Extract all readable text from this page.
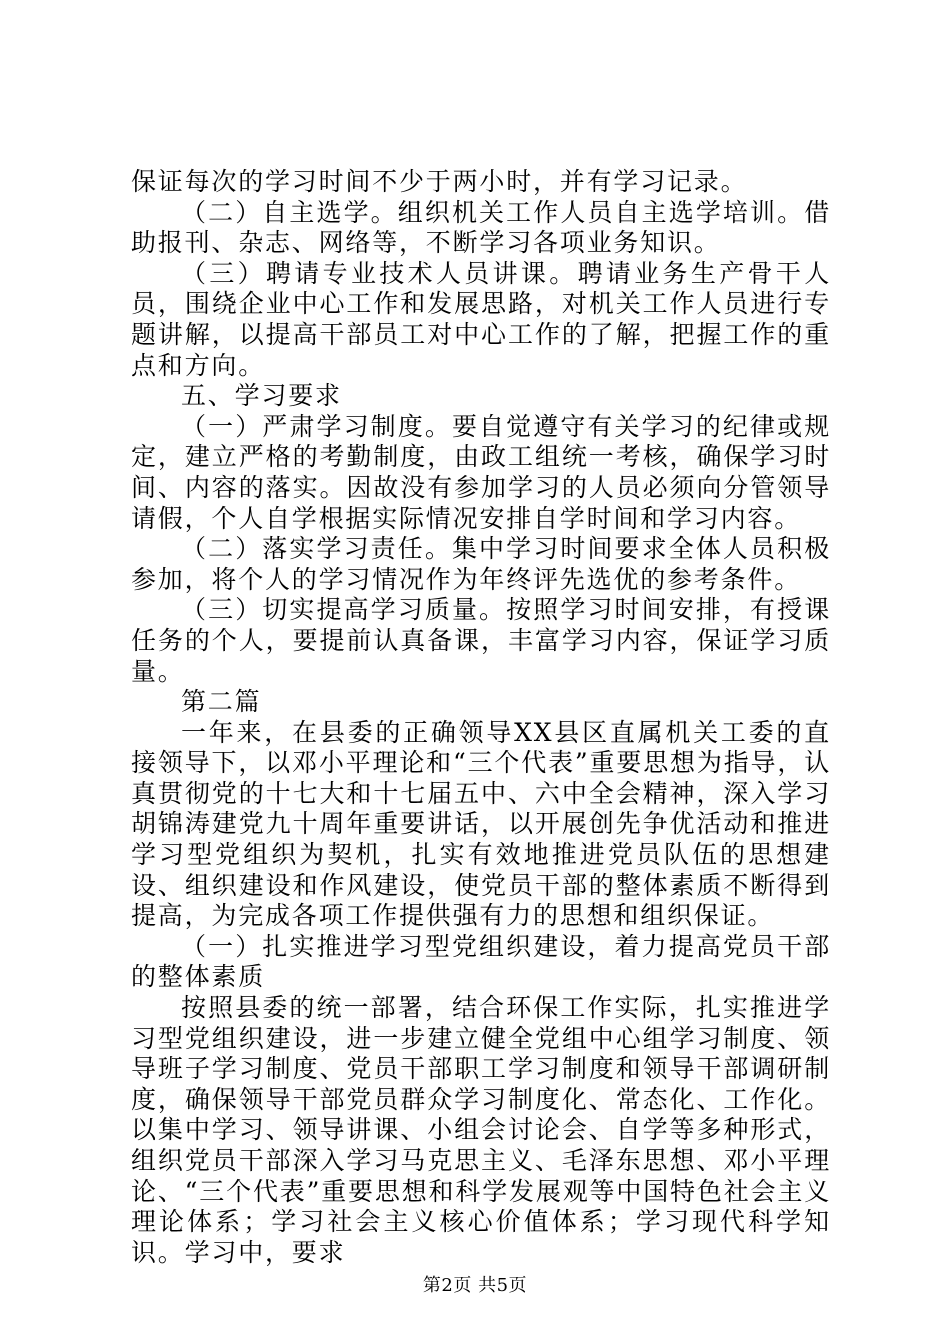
保证每次的学习时间不少于两小时，并有学习记录。

（二）自主选学。组织机关工作人员自主选学培训。借助报刊、杂志、网络等，不断学习各项业务知识。

（三）聘请专业技术人员讲课。聘请业务生产骨干人员，围绕企业中心工作和发展思路，对机关工作人员进行专题讲解，以提高干部员工对中心工作的了解，把握工作的重点和方向。

五、学习要求

（一）严肃学习制度。要自觉遵守有关学习的纪律或规定，建立严格的考勤制度，由政工组统一考核，确保学习时间、内容的落实。因故没有参加学习的人员必须向分管领导请假，个人自学根据实际情况安排自学时间和学习内容。

（二）落实学习责任。集中学习时间要求全体人员积极参加，将个人的学习情况作为年终评先选优的参考条件。

（三）切实提高学习质量。按照学习时间安排，有授课任务的个人，要提前认真备课，丰富学习内容，保证学习质量。

第二篇

一年来，在县委的正确领导XX县区直属机关工委的直接领导下，以邓小平理论和“三个代表”重要思想为指导，认真贯彻党的十七大和十七届五中、六中全会精神，深入学习胡锦涛建党九十周年重要讲话，以开展创先争优活动和推进学习型党组织为契机，扎实有效地推进党员队伍的思想建设、组织建设和作风建设，使党员干部的整体素质不断得到提高，为完成各项工作提供强有力的思想和组织保证。

（一）扎实推进学习型党组织建设，着力提高党员干部的整体素质

按照县委的统一部署，结合环保工作实际，扎实推进学习型党组织建设，进一步建立健全党组中心组学习制度、领导班子学习制度、党员干部职工学习制度和领导干部调研制度，确保领导干部党员群众学习制度化、常态化、工作化。以集中学习、领导讲课、小组会讨论会、自学等多种形式，组织党员干部深入学习马克思主义、毛泽东思想、邓小平理论、“三个代表”重要思想和科学发展观等中国特色社会主义理论体系；学习社会主义核心价值体系；学习现代科学知识。学习中，要求

第2页 共5页
